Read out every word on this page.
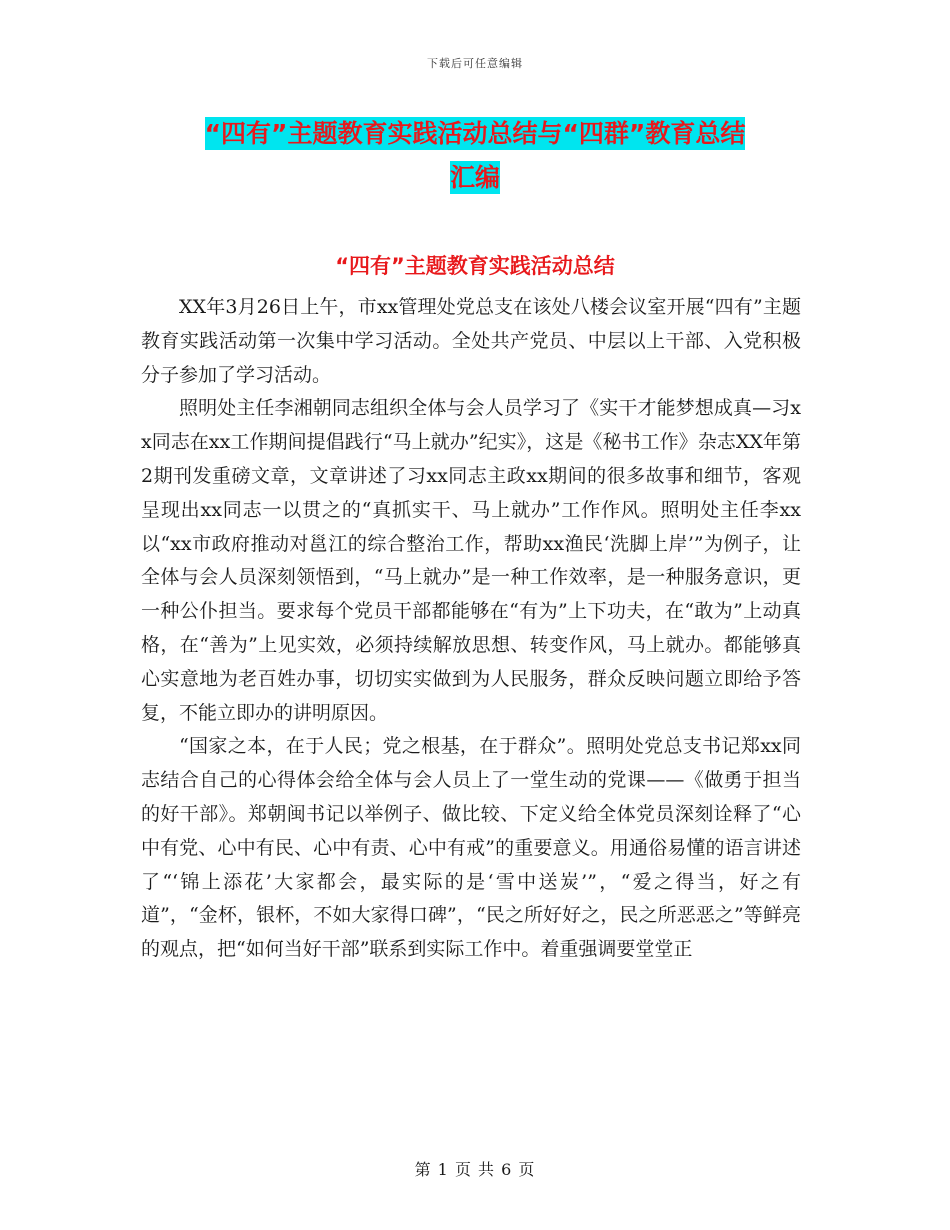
下载后可任意编辑
“四有”主题教育实践活动总结与“四群”教育总结
汇编
“四有”主题教育实践活动总结

XX年3月26日上午，市xx管理处党总支在该处八楼会议室开展“四有”主题教育实践活动第一次集中学习活动。全处共产党员、中层以上干部、入党积极分子参加了学习活动。

照明处主任李湘朝同志组织全体与会人员学习了《实干才能梦想成真—习xx同志在xx工作期间提倡践行“马上就办”纪实》，这是《秘书工作》杂志XX年第2期刊发重磅文章，文章讲述了习xx同志主政xx期间的很多故事和细节，客观呈现出xx同志一以贯之的“真抓实干、马上就办”工作作风。照明处主任李xx以“xx市政府推动对邕江的综合整治工作，帮助xx渔民‘洗脚上岸’”为例子，让全体与会人员深刻领悟到，“马上就办”是一种工作效率，是一种服务意识，更一种公仆担当。要求每个党员干部都能够在“有为”上下功夫，在“敢为”上动真格，在“善为”上见实效，必须持续解放思想、转变作风，马上就办。都能够真心实意地为老百姓办事，切切实实做到为人民服务，群众反映问题立即给予答复，不能立即办的讲明原因。

“国家之本，在于人民；党之根基，在于群众”。照明处党总支书记郑xx同志结合自己的心得体会给全体与会人员上了一堂生动的党课——《做勇于担当的好干部》。郑朝闽书记以举例子、做比较、下定义给全体党员深刻诠释了“心中有党、心中有民、心中有责、心中有戒”的重要意义。用通俗易懂的语言讲述了“‘锦上添花’大家都会，最实际的是‘雪中送炭’”，“爱之得当，好之有道”，“金杯，银杯，不如大家得口碑”，“民之所好好之，民之所恶恶之”等鲜亮的观点，把“如何当好干部”联系到实际工作中。着重强调要堂堂正

第 1 页 共 6 页
